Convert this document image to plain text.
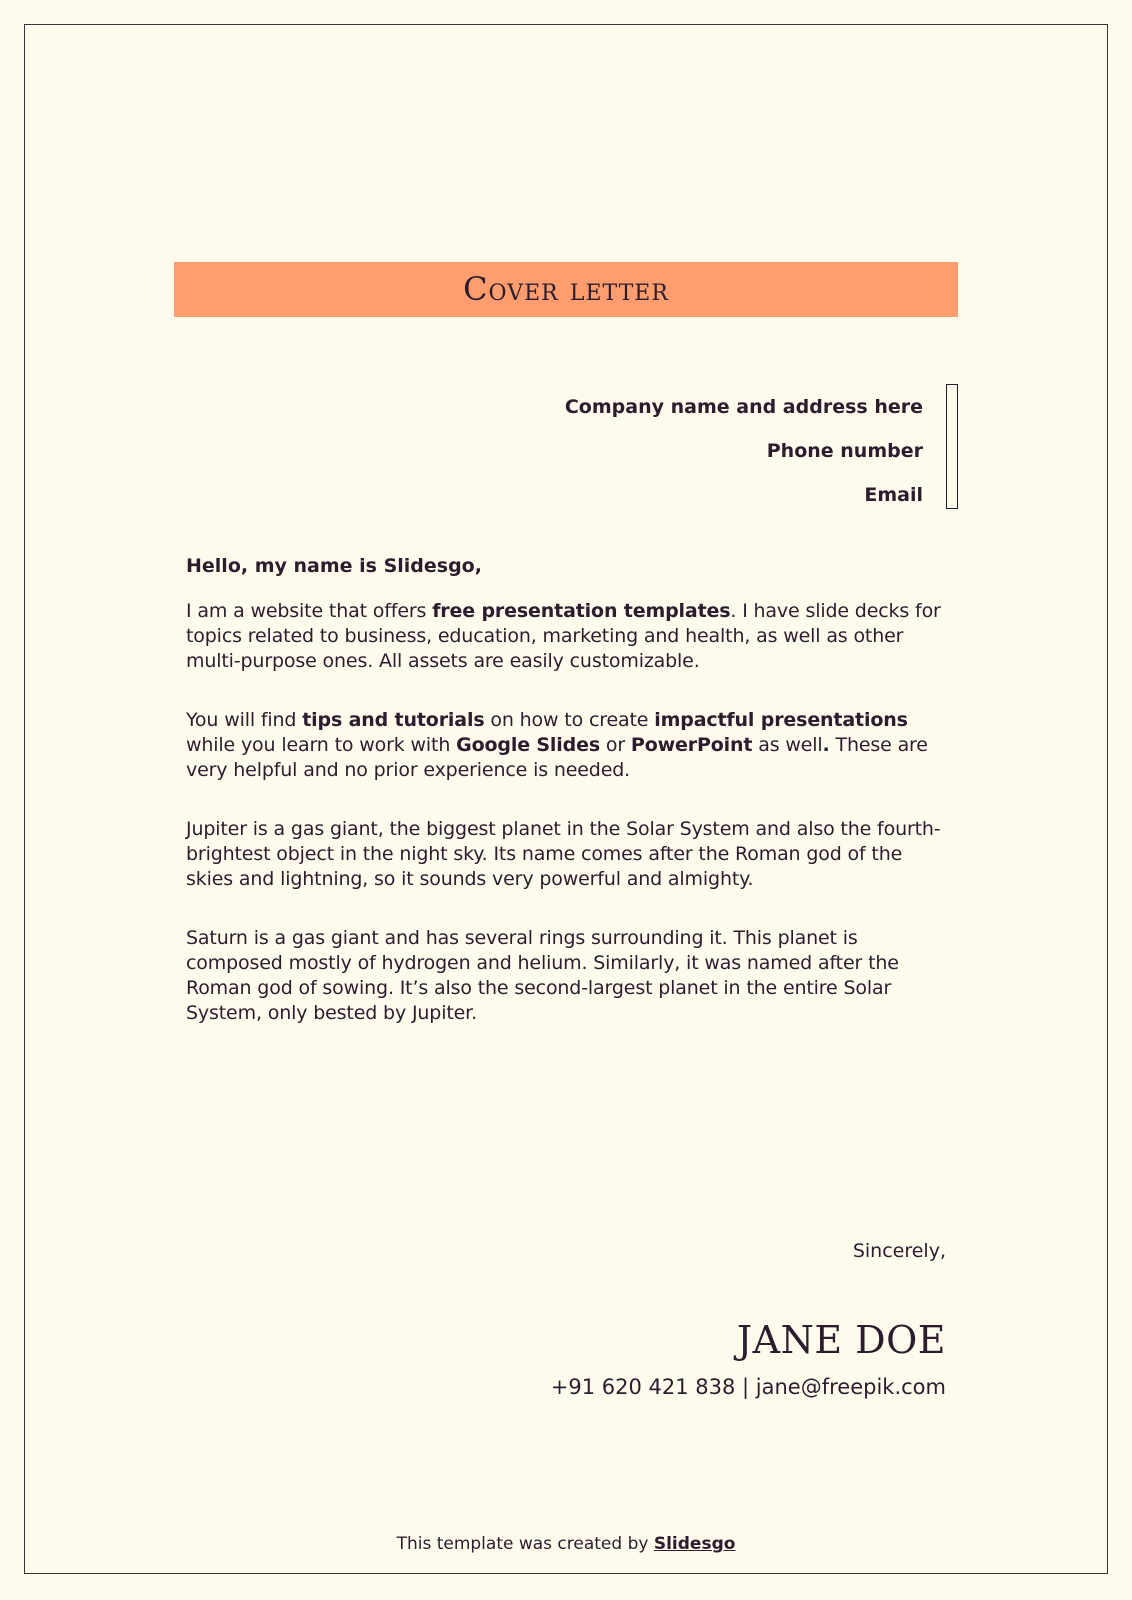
Cover letter
Company name and address here
Phone number
Email

Hello, my name is Slidesgo,

I am a website that offers free presentation templates. I have slide decks for topics related to business, education, marketing and health, as well as other multi-purpose ones. All assets are easily customizable.

You will find tips and tutorials on how to create impactful presentations while you learn to work with Google Slides or PowerPoint as well. These are very helpful and no prior experience is needed.

Jupiter is a gas giant, the biggest planet in the Solar System and also the fourth-brightest object in the night sky. Its name comes after the Roman god of the skies and lightning, so it sounds very powerful and almighty.

Saturn is a gas giant and has several rings surrounding it. This planet is composed mostly of hydrogen and helium. Similarly, it was named after the Roman god of sowing. It’s also the second-largest planet in the entire Solar System, only bested by Jupiter.

Sincerely,
JANE DOE
+91 620 421 838 | jane@freepik.com
This template was created by Slidesgo
